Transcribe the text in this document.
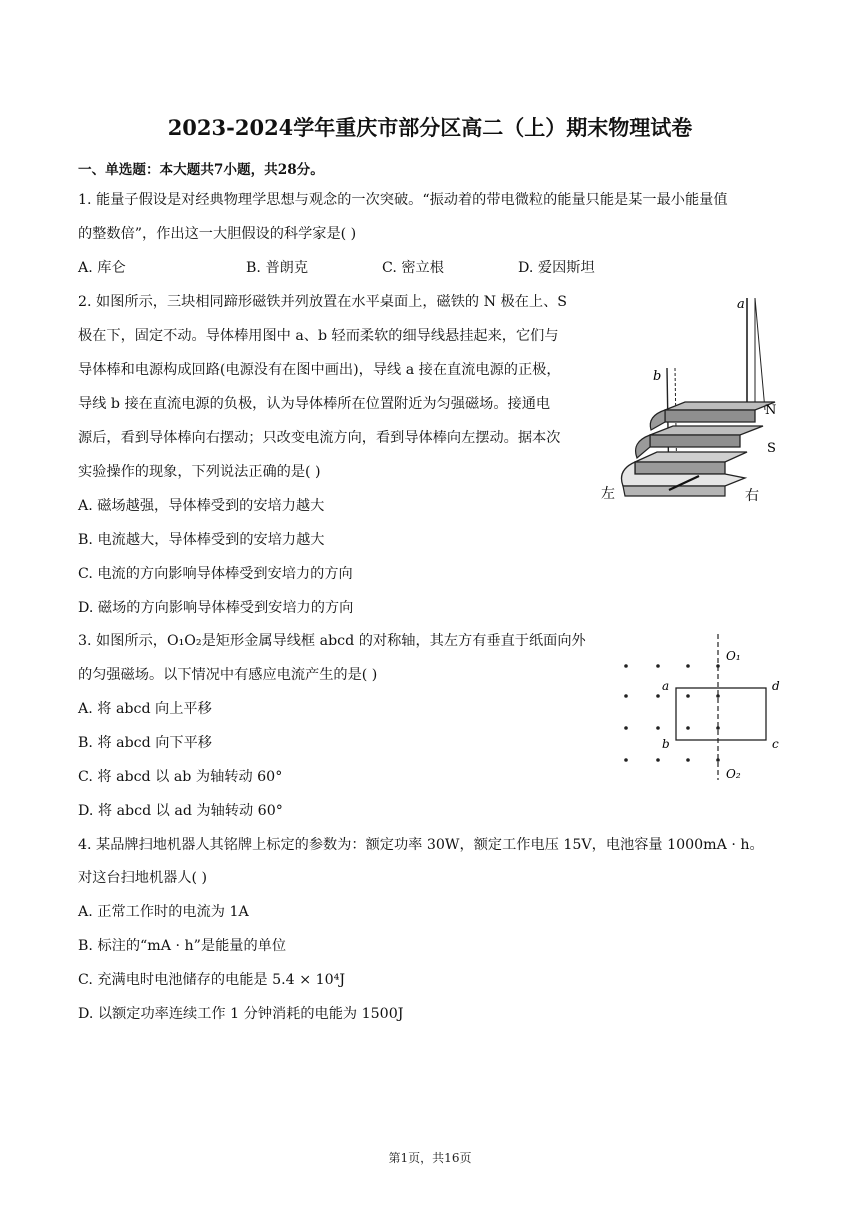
2023-2024学年重庆市部分区高二（上）期末物理试卷
一、单选题：本大题共7小题，共28分。
1. 能量子假设是对经典物理学思想与观念的一次突破。“振动着的带电微粒的能量只能是某一最小能量值
的整数倍”，作出这一大胆假设的科学家是( )
A. 库仑	B. 普朗克	C. 密立根	D. 爱因斯坦
2. 如图所示，三块相同蹄形磁铁并列放置在水平桌面上，磁铁的 N 极在上、S
极在下，固定不动。导体棒用图中 a、b 轻而柔软的细导线悬挂起来，它们与
导体棒和电源构成回路(电源没有在图中画出)，导线 a 接在直流电源的正极，
导线 b 接在直流电源的负极，认为导体棒所在位置附近为匀强磁场。接通电
源后，看到导体棒向右摆动；只改变电流方向，看到导体棒向左摆动。据本次
实验操作的现象，下列说法正确的是( )
A. 磁场越强，导体棒受到的安培力越大
B. 电流越大，导体棒受到的安培力越大
C. 电流的方向影响导体棒受到安培力的方向
D. 磁场的方向影响导体棒受到安培力的方向
a
b
N
S
左	右
3. 如图所示，O₁O₂是矩形金属导线框 abcd 的对称轴，其左方有垂直于纸面向外
的匀强磁场。以下情况中有感应电流产生的是( )
A. 将 abcd 向上平移
B. 将 abcd 向下平移
C. 将 abcd 以 ab 为轴转动 60°
D. 将 abcd 以 ad 为轴转动 60°
O₁
O₂
a
b	c
d
4. 某品牌扫地机器人其铭牌上标定的参数为：额定功率 30W，额定工作电压 15V，电池容量 1000mA · h。
对这台扫地机器人( )
A. 正常工作时的电流为 1A
B. 标注的“mA · h”是能量的单位
C. 充满电时电池储存的电能是 5.4 × 10⁴J
D. 以额定功率连续工作 1 分钟消耗的电能为 1500J
第1页，共16页
